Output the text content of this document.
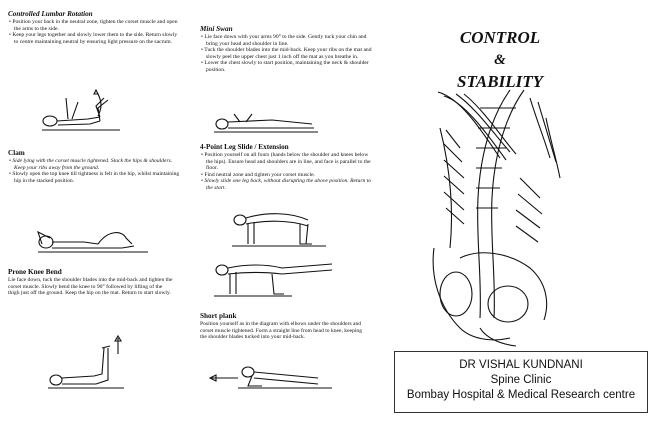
Controlled Lumbar Rotation

• Position your back in the neutral zone, tighten the corset muscle and open the arms to the side.

• Keep your legs together and slowly lower them to the side. Return slowly to centre maintaining neutral by ensuring light pressure on the sacrum.

Clam

• Side lying with the corset muscle tightened. Stack the hips & shoulders. Keep your ribs away from the ground.

• Slowly open the top knee till tightness is felt in the hip, whilst maintaining hip in the stacked position.

Prone Knee Bend

Lie face down, tuck the shoulder blades into the mid-back and tighten the corset muscle. Slowly bend the knee to 90° followed by lifting of the thigh just off the ground. Keep the hip on the mat. Return to start slowly.

Mini Swan

• Lie face down with your arms 90° to the side. Gently tuck your chin and bring your head and shoulder in line.

• Tuck the shoulder blades into the mid-back. Keep your ribs on the mat and slowly peel the upper chest just 1 inch off the mat as you breathe in.

• Lower the chest slowly to start position, maintaining the neck & shoulder position.

4-Point Leg Slide / Extension

• Position yourself on all fours (hands below the shoulder and knees below the hips). Ensure head and shoulders are in line, and face is parallel to the floor.

• Find neutral zone and tighten your corset muscle.

• Slowly slide one leg back, without disrupting the above position. Return to the start.

Short plank

Position yourself as in the diagram with elbows under the shoulders and corset muscle tightened. Form a straight line from head to knee, keeping the shoulder blades tucked into your mid-back.

CONTROL
&
STABILITY
DR VISHAL KUNDNANI
Spine Clinic
Bombay Hospital & Medical Research centre
